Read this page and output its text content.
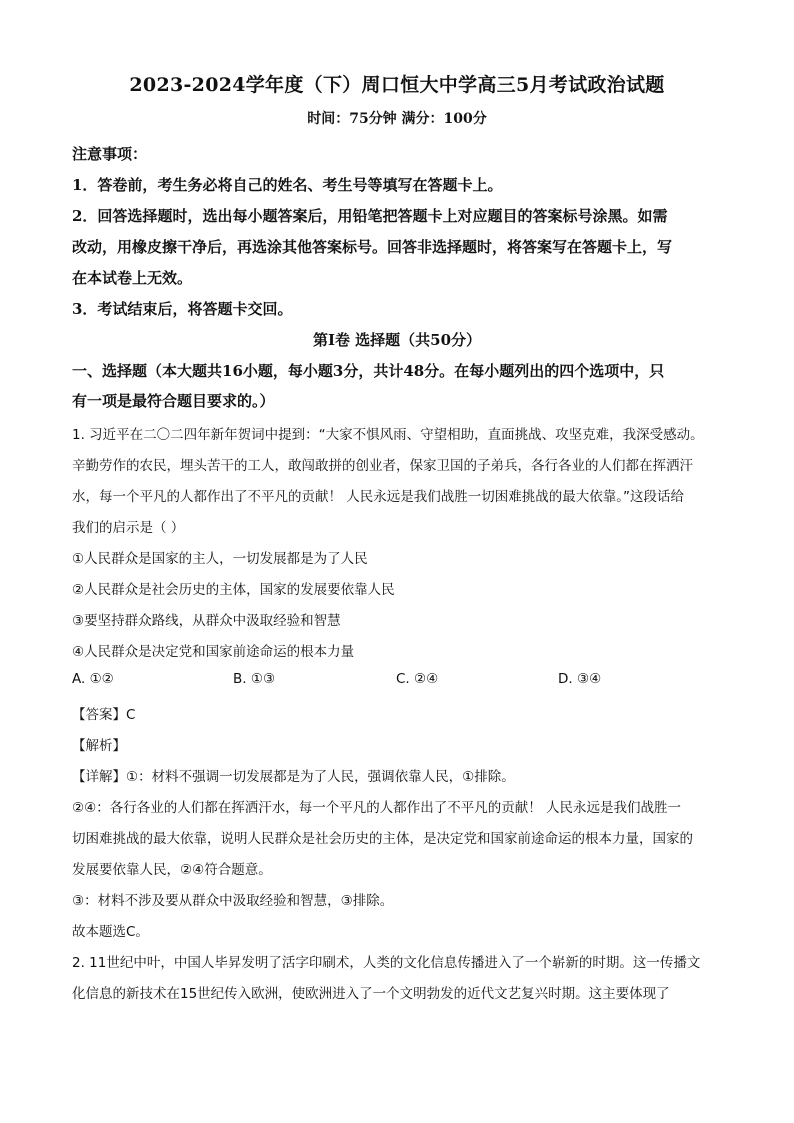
2023-2024学年度（下）周口恒大中学高三5月考试政治试题
时间：75分钟 满分：100分
注意事项：
1．答卷前，考生务必将自己的姓名、考生号等填写在答题卡上。
2．回答选择题时，选出每小题答案后，用铅笔把答题卡上对应题目的答案标号涂黑。如需
改动，用橡皮擦干净后，再选涂其他答案标号。回答非选择题时，将答案写在答题卡上，写
在本试卷上无效。
3．考试结束后，将答题卡交回。
第Ⅰ卷 选择题（共50分）
一、选择题（本大题共16小题，每小题3分，共计48分。在每小题列出的四个选项中，只
有一项是最符合题目要求的。）
1. 习近平在二〇二四年新年贺词中提到：“大家不惧风雨、守望相助，直面挑战、攻坚克难，我深受感动。
辛勤劳作的农民，埋头苦干的工人，敢闯敢拼的创业者，保家卫国的子弟兵，各行各业的人们都在挥洒汗
水，每一个平凡的人都作出了不平凡的贡献！ 人民永远是我们战胜一切困难挑战的最大依靠。”这段话给
我们的启示是（ ）
①人民群众是国家的主人，一切发展都是为了人民
②人民群众是社会历史的主体，国家的发展要依靠人民
③要坚持群众路线，从群众中汲取经验和智慧
④人民群众是决定党和国家前途命运的根本力量
A. ①②	B. ①③	C. ②④	D. ③④
【答案】C
【解析】
【详解】①：材料不强调一切发展都是为了人民，强调依靠人民，①排除。
②④：各行各业的人们都在挥洒汗水，每一个平凡的人都作出了不平凡的贡献！ 人民永远是我们战胜一
切困难挑战的最大依靠，说明人民群众是社会历史的主体，是决定党和国家前途命运的根本力量，国家的
发展要依靠人民，②④符合题意。
③：材料不涉及要从群众中汲取经验和智慧，③排除。
故本题选C。
2. 11世纪中叶，中国人毕昇发明了活字印刷术，人类的文化信息传播进入了一个崭新的时期。这一传播文
化信息的新技术在15世纪传入欧洲，使欧洲进入了一个文明勃发的近代文艺复兴时期。这主要体现了
